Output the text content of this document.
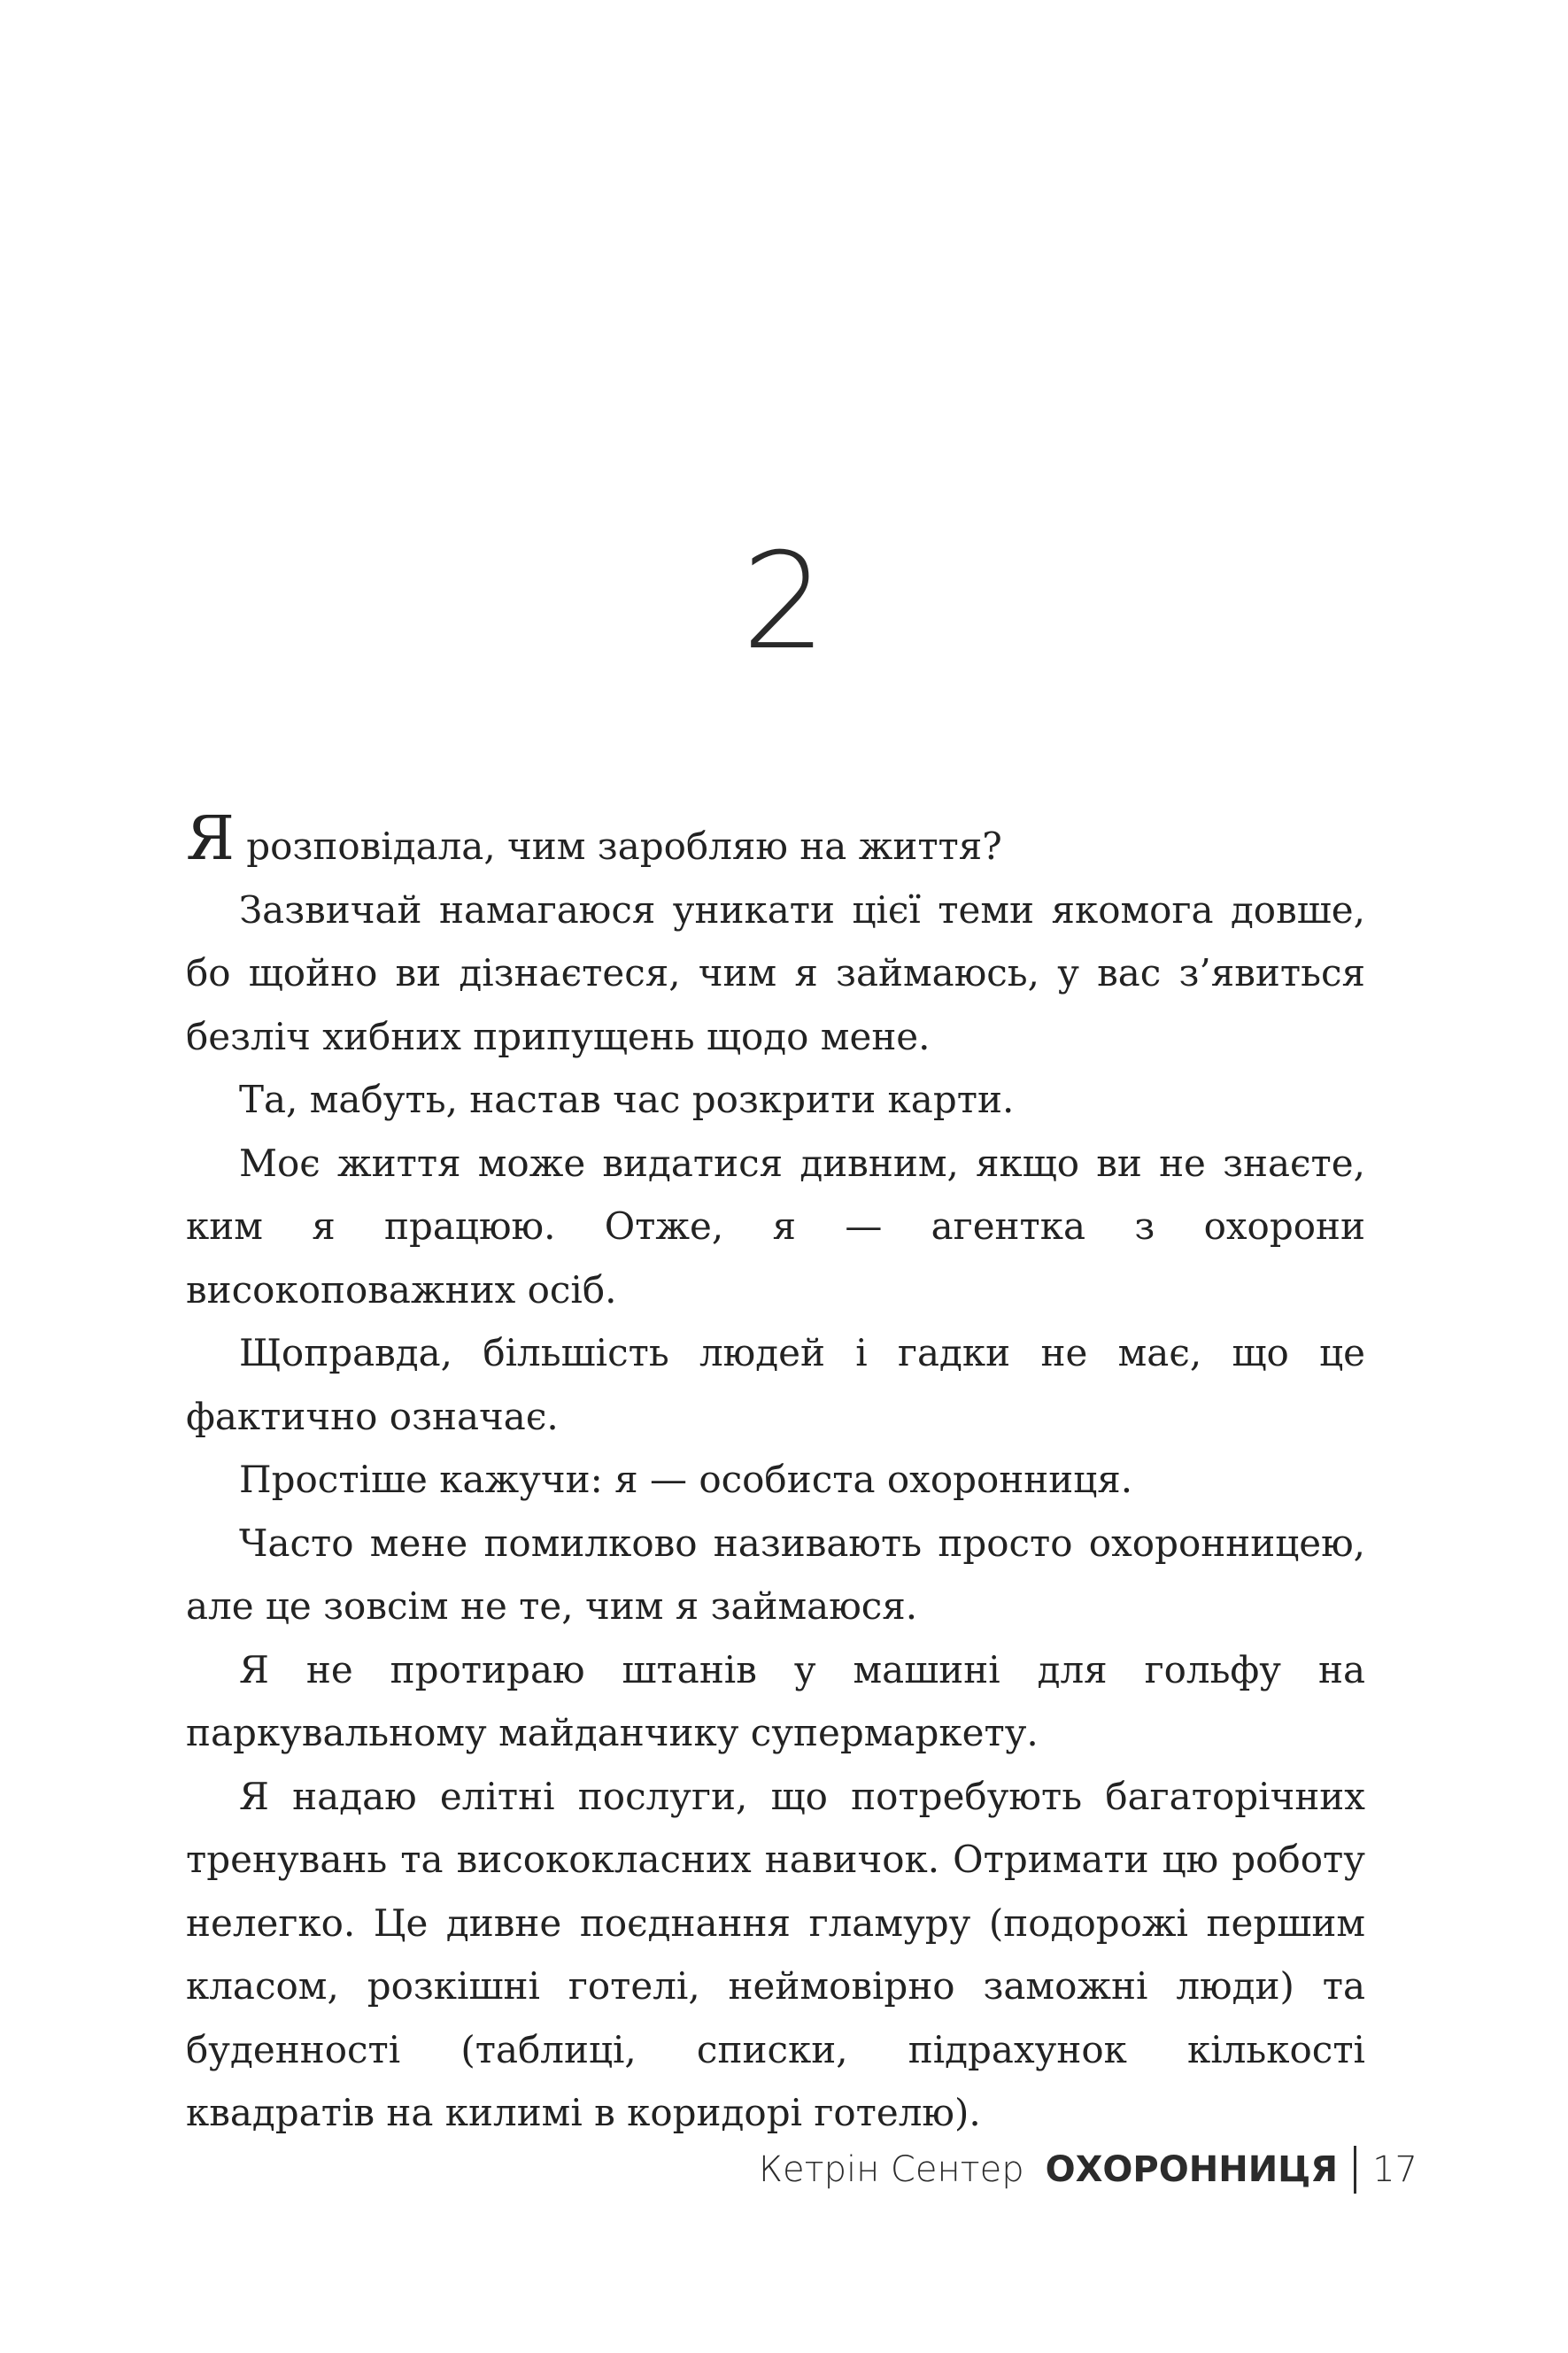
2

Я розповідала, чим заробляю на життя?

Зазвичай намагаюся уникати цієї теми якомога довше, бо щойно ви дізнаєтеся, чим я займаюсь, у вас з’явиться безліч хибних припущень щодо мене.

Та, мабуть, настав час розкрити карти.

Моє життя може видатися дивним, якщо ви не знаєте, ким я працюю. Отже, я — агентка з охорони високоповажних осіб.

Щоправда, більшість людей і гадки не має, що це фактично означає.

Простіше кажучи: я — особиста охоронниця.

Часто мене помилково називають просто охоронницею, але це зовсім не те, чим я займаюся.

Я не протираю штанів у машині для гольфу на паркувальному майданчику супермаркету.

Я надаю елітні послуги, що потребують багаторічних тренувань та висококласних навичок. Отримати цю роботу нелегко. Це дивне поєднання гламуру (подорожі першим класом, розкішні готелі, неймовірно заможні люди) та буденності (таблиці, списки, підрахунок кількості квадратів на килимі в коридорі готелю).

Кетрін Сентер ОХОРОННИЦЯ 17
